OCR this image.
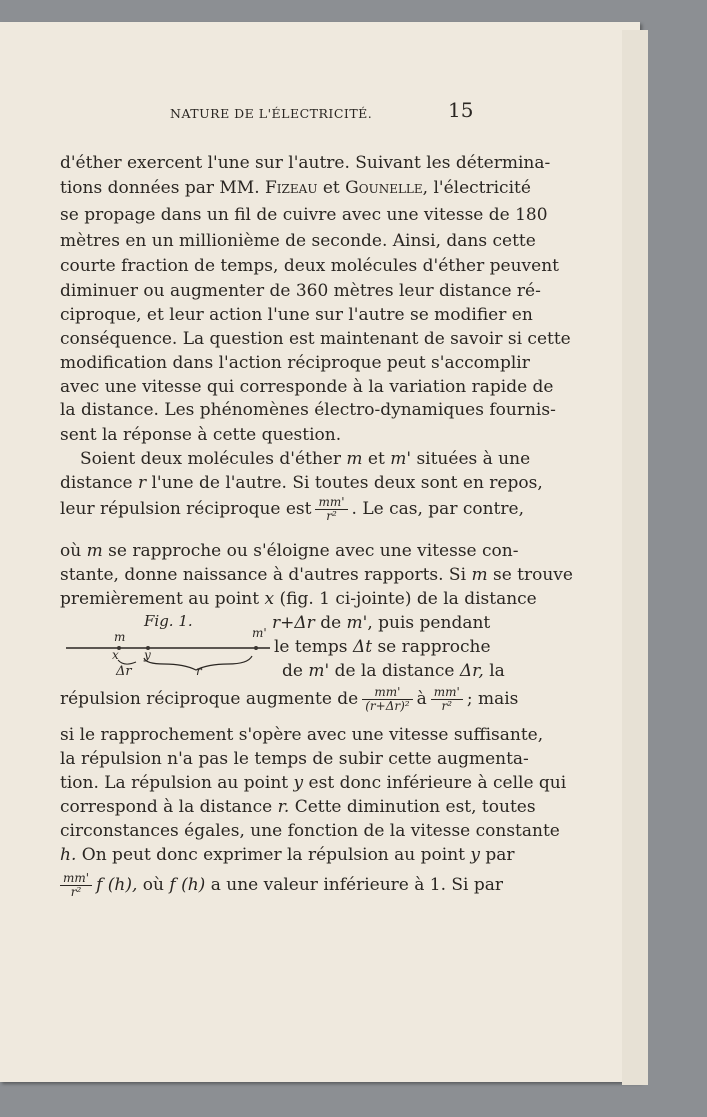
NATURE DE L'ÉLECTRICITÉ.	15
d'éther exercent l'une sur l'autre. Suivant les détermina-
tions données par MM. Fizeau et Gounelle, l'électricité
se propage dans un fil de cuivre avec une vitesse de 180
mètres en un millionième de seconde. Ainsi, dans cette
courte fraction de temps, deux molécules d'éther peuvent
diminuer ou augmenter de 360 mètres leur distance ré-
ciproque, et leur action l'une sur l'autre se modifier en
conséquence. La question est maintenant de savoir si cette
modification dans l'action réciproque peut s'accomplir
avec une vitesse qui corresponde à la variation rapide de
la distance. Les phénomènes électro-dynamiques fournis-
sent la réponse à cette question.
Soient deux molécules d'éther m et m' situées à une
distance r l'une de l'autre. Si toutes deux sont en repos,
leur répulsion réciproque est $\frac{mm'}{\text{r²}}$ . Le cas, par contre,
où m se rapproche ou s'éloigne avec une vitesse con-
stante, donne naissance à d'autres rapports. Si m se trouve
premièrement au point x (fig. 1 ci-jointe) de la distance
Fig. 1.
m	m'
x y
Δr	r
r+Δr de m', puis pendant
le temps Δt se rapproche
de m' de la distance Δr, la
répulsion réciproque augmente de $\frac{mm'}{\text{(r+Δr)²}}$ à $\frac{mm'}{\text{r²}}$ ; mais
si le rapprochement s'opère avec une vitesse suffisante,
la répulsion n'a pas le temps de subir cette augmenta-
tion. La répulsion au point y est donc inférieure à celle qui
correspond à la distance r. Cette diminution est, toutes
circonstances égales, une fonction de la vitesse constante
h. On peut donc exprimer la répulsion au point y par
$\frac{mm'}{\text{r²}}$ f (h), où f (h) a une valeur inférieure à 1. Si par
